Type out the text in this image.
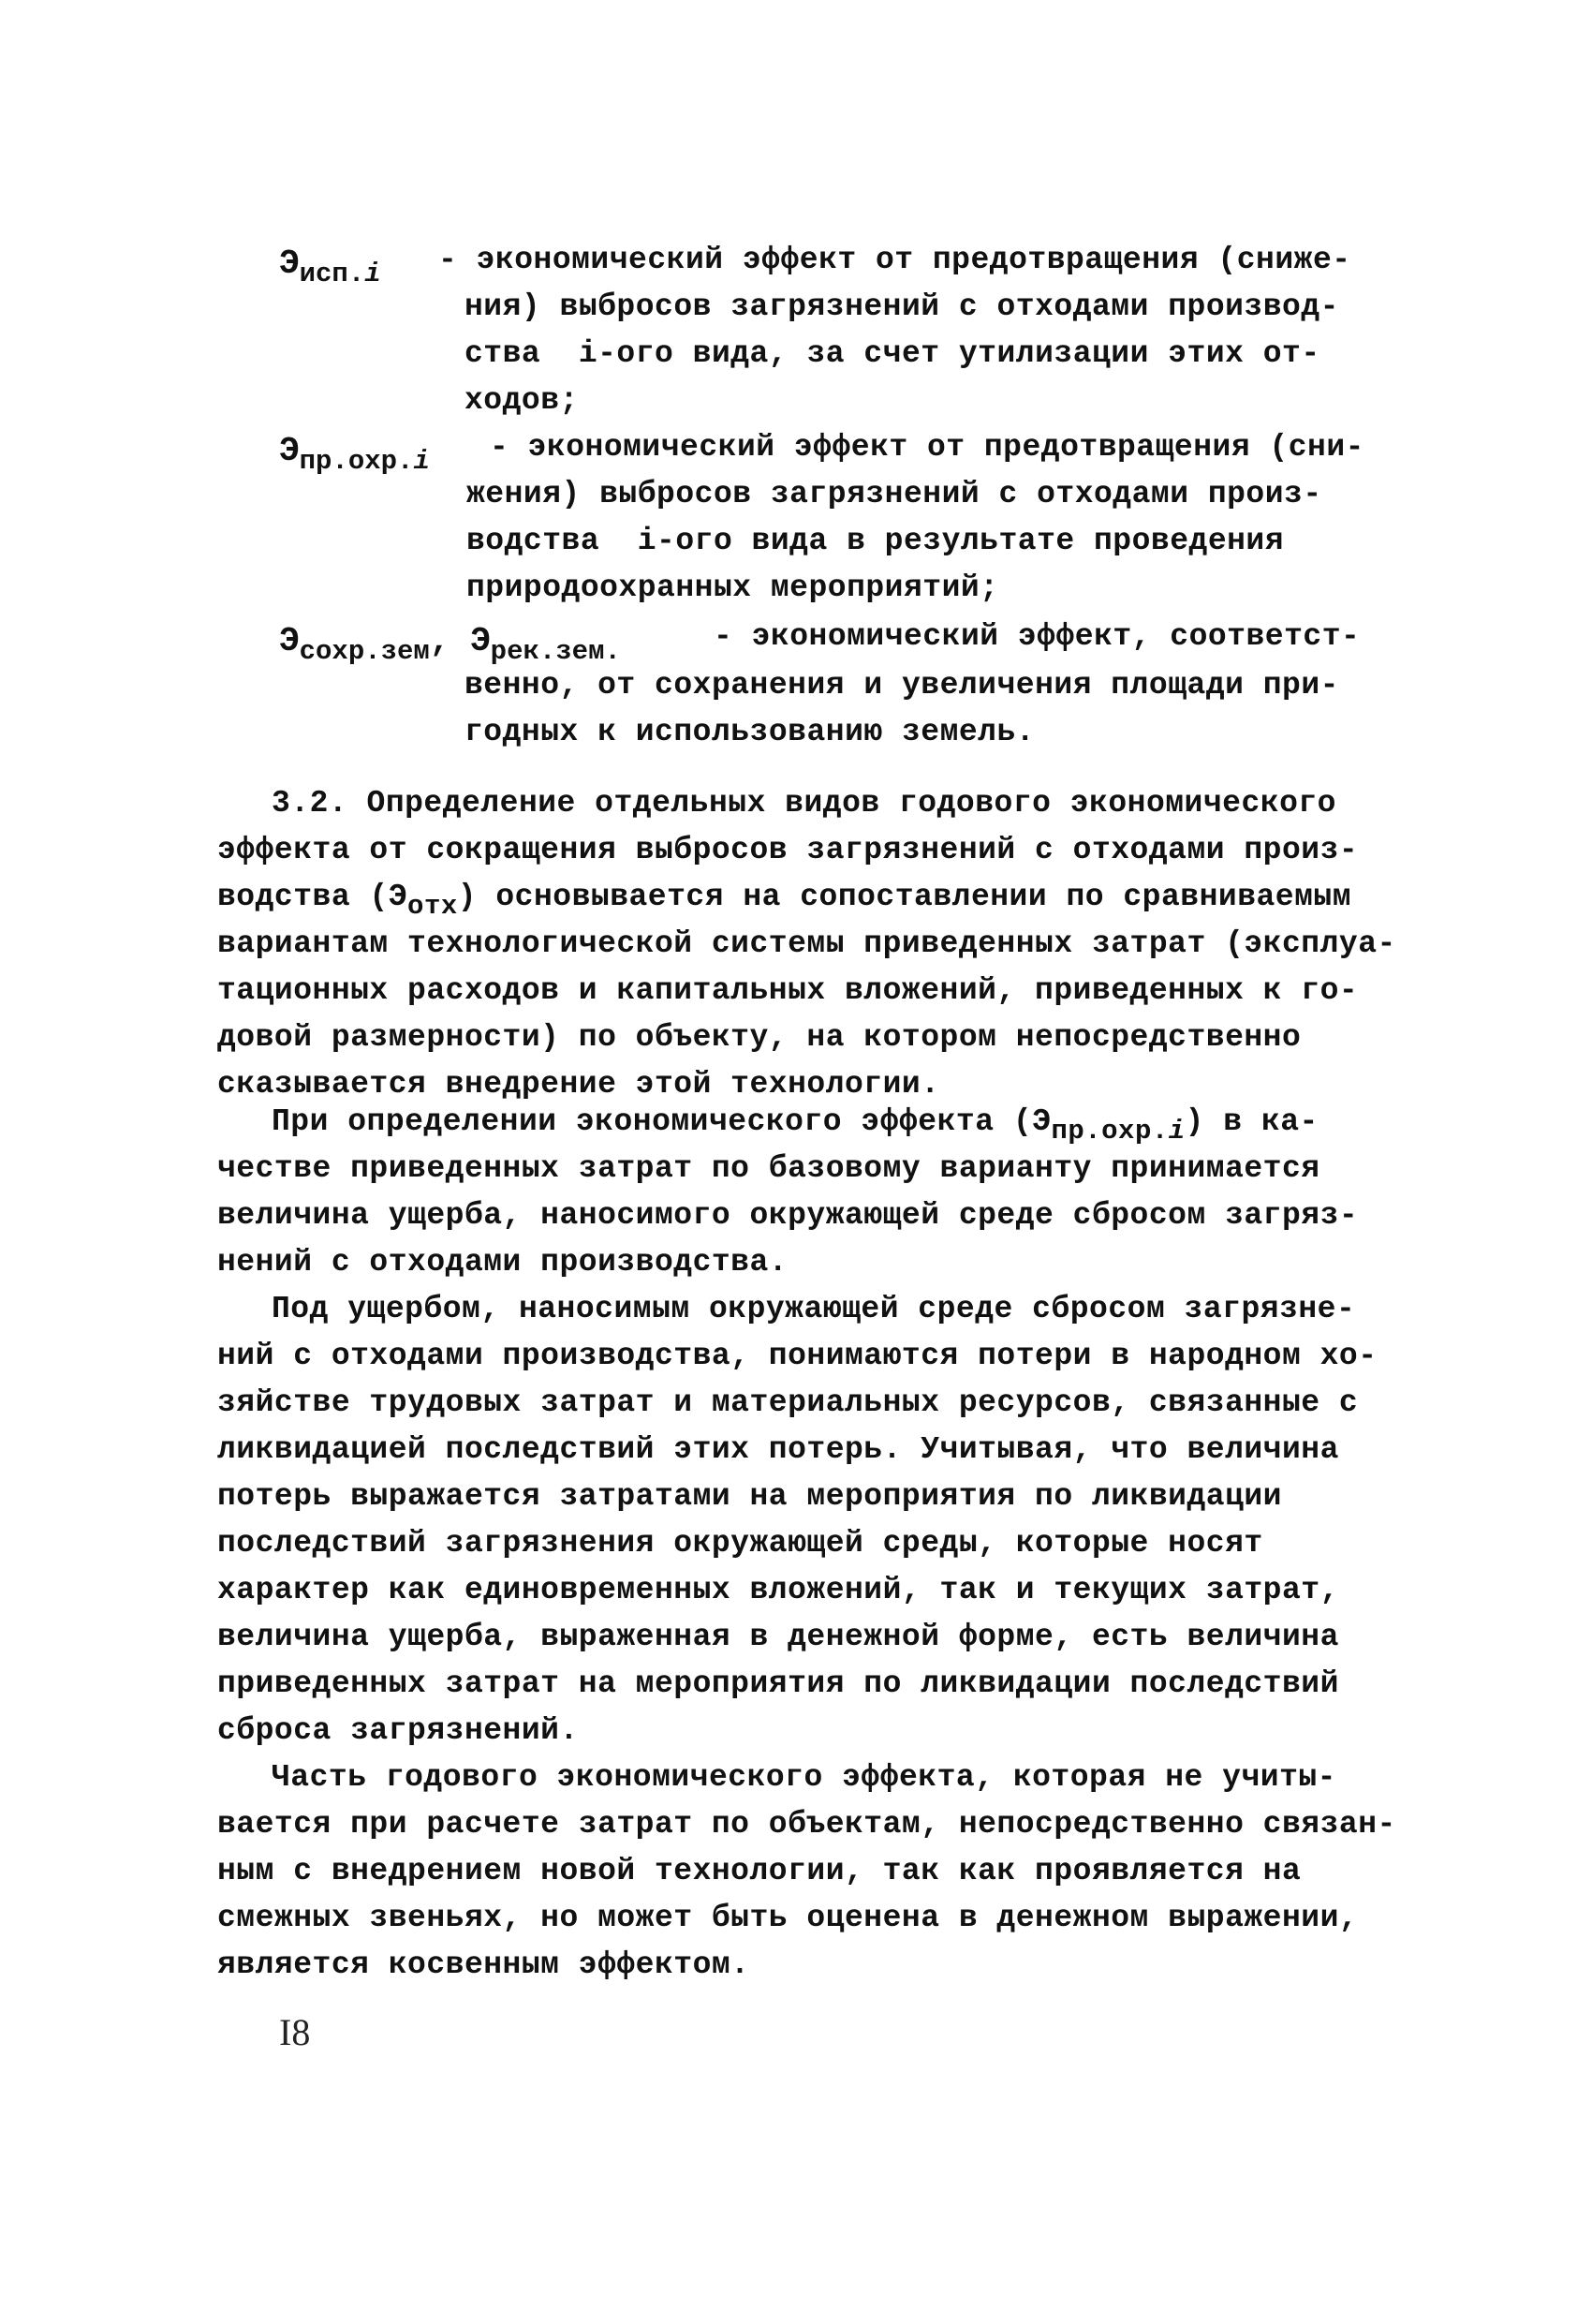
$Э_{исп.i}$ - экономический эффект от предотвращения (сниже-
ния) выбросов загрязнений с отходами производ-
ства  i-ого вида, за счет утилизации этих от-
ходов;
$Э_{пр.охр.i}$ - экономический эффект от предотвращения (сни-
жения) выбросов загрязнений с отходами произ-
водства  i-ого вида в результате проведения
природоохранных мероприятий;
$Э_{сохр.зем}$, $Э_{рек.зем.}$	- экономический эффект, соответст-
венно, от сохранения и увеличения площади при-
годных к использованию земель.
3.2. Определение отдельных видов годового экономического
эффекта от сокращения выбросов загрязнений с отходами произ-
водства $(Э_{отх})$ основывается на сопоставлении по сравниваемым
вариантам технологической системы приведенных затрат (эксплуа-
тационных расходов и капитальных вложений, приведенных к го-
довой размерности) по объекту, на котором непосредственно
сказывается внедрение этой технологии.
При определении экономического эффекта $(Э_{пр.охр.i})$ в ка-
честве приведенных затрат по базовому варианту принимается
величина ущерба, наносимого окружающей среде сбросом загряз-
нений с отходами производства.
Под ущербом, наносимым окружающей среде сбросом загрязне-
ний с отходами производства, понимаются потери в народном хо-
зяйстве трудовых затрат и материальных ресурсов, связанные с
ликвидацией последствий этих потерь. Учитывая, что величина
потерь выражается затратами на мероприятия по ликвидации
последствий загрязнения окружающей среды, которые носят
характер как единовременных вложений, так и текущих затрат,
величина ущерба, выраженная в денежной форме, есть величина
приведенных затрат на мероприятия по ликвидации последствий
сброса загрязнений.
Часть годового экономического эффекта, которая не учиты-
вается при расчете затрат по объектам, непосредственно связан-
ным с внедрением новой технологии, так как проявляется на
смежных звеньях, но может быть оценена в денежном выражении,
является косвенным эффектом.
I8
